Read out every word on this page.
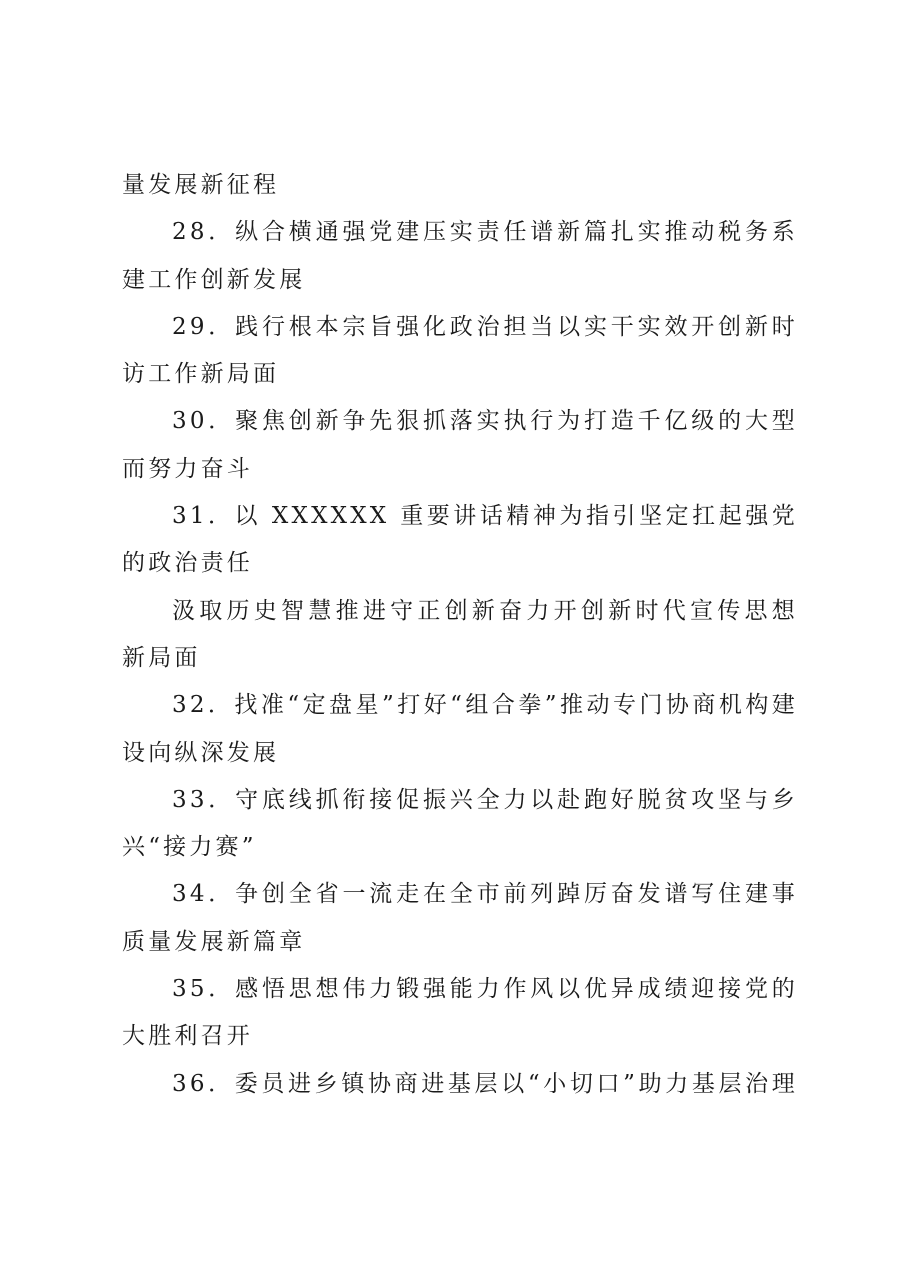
量发展新征程
28．纵合横通强党建压实责任谱新篇扎实推动税务系
建工作创新发展
29．践行根本宗旨强化政治担当以实干实效开创新时
访工作新局面
30．聚焦创新争先狠抓落实执行为打造千亿级的大型
而努力奋斗
31．以 XXXXXX 重要讲话精神为指引坚定扛起强党
的政治责任
汲取历史智慧推进守正创新奋力开创新时代宣传思想
新局面
32．找准“定盘星”打好“组合拳”推动专门协商机构建
设向纵深发展
33．守底线抓衔接促振兴全力以赴跑好脱贫攻坚与乡
兴“接力赛”
34．争创全省一流走在全市前列踔厉奋发谱写住建事
质量发展新篇章
35．感悟思想伟力锻强能力作风以优异成绩迎接党的
大胜利召开
36．委员进乡镇协商进基层以“小切口”助力基层治理
